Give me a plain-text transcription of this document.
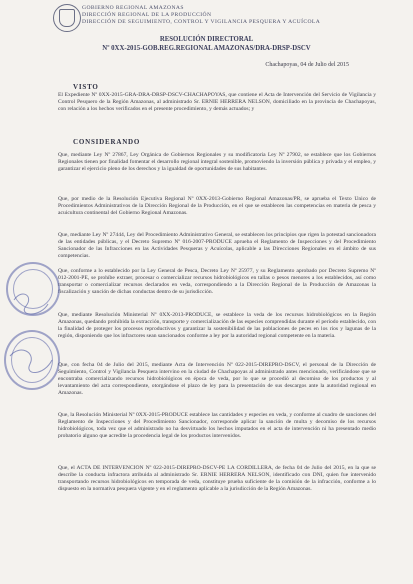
GOBIERNO REGIONAL AMAZONAS
DIRECCIÓN REGIONAL DE LA PRODUCCIÓN
DIRECCIÓN DE SEGUIMIENTO, CONTROL Y VIGILANCIA PESQUERA Y ACUÍCOLA
RESOLUCIÓN DIRECTORAL
Nº 0XX-2015-GOB.REG.REGIONAL AMAZONAS/DRA-DRSP-DSCV
Chachapoyas, 04 de Julio del 2015
VISTO
El Expediente Nº 0XX-2015-GRA-DRA-DRSP-DSCV-CHACHAPOYAS, que contiene el Acta de Intervención del Servicio de Vigilancia y Control Pesquero de la Región Amazonas, al administrado Sr. ERNIE HERRERA NELSON, domiciliado en la provincia de Chachapoyas, con relación a los hechos verificados en el presente procedimiento, y demás actuados; y
CONSIDERANDO
Que, mediante Ley Nº 27867, Ley Orgánica de Gobiernos Regionales y su modificatoria Ley Nº 27902, se establece que los Gobiernos Regionales tienen por finalidad fomentar el desarrollo regional integral sostenible, promoviendo la inversión pública y privada y el empleo, y garantizar el ejercicio pleno de los derechos y la igualdad de oportunidades de sus habitantes.
Que, por medio de la Resolución Ejecutiva Regional Nº 0XX-2013-Gobierno Regional Amazonas/PR, se aprueba el Texto Único de Procedimientos Administrativos de la Dirección Regional de la Producción, en el que se establecen las competencias en materia de pesca y acuicultura continental del Gobierno Regional Amazonas.
Que, mediante Ley Nº 27444, Ley del Procedimiento Administrativo General, se establecen los principios que rigen la potestad sancionadora de las entidades públicas, y el Decreto Supremo Nº 016-2007-PRODUCE aprueba el Reglamento de Inspecciones y del Procedimiento Sancionador de las Infracciones en las Actividades Pesqueras y Acuícolas, aplicable a las Direcciones Regionales en el ámbito de sus competencias.
Que, conforme a lo establecido por la Ley General de Pesca, Decreto Ley Nº 25977, y su Reglamento aprobado por Decreto Supremo Nº 012-2001-PE, se prohíbe extraer, procesar o comercializar recursos hidrobiológicos en tallas o pesos menores a los establecidos, así como transportar o comercializar recursos declarados en veda, correspondiendo a la Dirección Regional de la Producción de Amazonas la fiscalización y sanción de dichas conductas dentro de su jurisdicción.
Que, mediante Resolución Ministerial Nº 0XX-2013-PRODUCE, se establece la veda de los recursos hidrobiológicos en la Región Amazonas, quedando prohibida la extracción, transporte y comercialización de las especies comprendidas durante el periodo establecido, con la finalidad de proteger los procesos reproductivos y garantizar la sostenibilidad de las poblaciones de peces en los ríos y lagunas de la región, disponiendo que los infractores sean sancionados conforme a ley por la autoridad regional competente en la materia.
Que, con fecha 04 de Julio del 2015, mediante Acta de Intervención Nº 022-2015-DIREPRO-DSCV, el personal de la Dirección de Seguimiento, Control y Vigilancia Pesquera intervino en la ciudad de Chachapoyas al administrado antes mencionado, verificándose que se encontraba comercializando recursos hidrobiológicos en época de veda, por lo que se procedió al decomiso de los productos y al levantamiento del acta correspondiente, otorgándose el plazo de ley para la presentación de sus descargos ante la autoridad regional en Amazonas.
Que, la Resolución Ministerial Nº 0XX-2015-PRODUCE establece las cantidades y especies en veda, y conforme al cuadro de sanciones del Reglamento de Inspecciones y del Procedimiento Sancionador, corresponde aplicar la sanción de multa y decomiso de los recursos hidrobiológicos, toda vez que el administrado no ha desvirtuado los hechos imputados en el acta de intervención ni ha presentado medio probatorio alguno que acredite la procedencia legal de los productos intervenidos.
Que, el ACTA DE INTERVENCIÓN Nº 022-2015-DIREPRO-DSCV-PE LA CORDILLERA, de fecha 04 de Julio del 2015, en la que se describe la conducta infractora atribuida al administrado Sr. ERNIE HERRERA NELSON, identificado con DNI, quien fue intervenido transportando recursos hidrobiológicos en temporada de veda, constituye prueba suficiente de la comisión de la infracción, conforme a lo dispuesto en la normativa pesquera vigente y en el reglamento aplicable a la jurisdicción de la Región Amazonas.
